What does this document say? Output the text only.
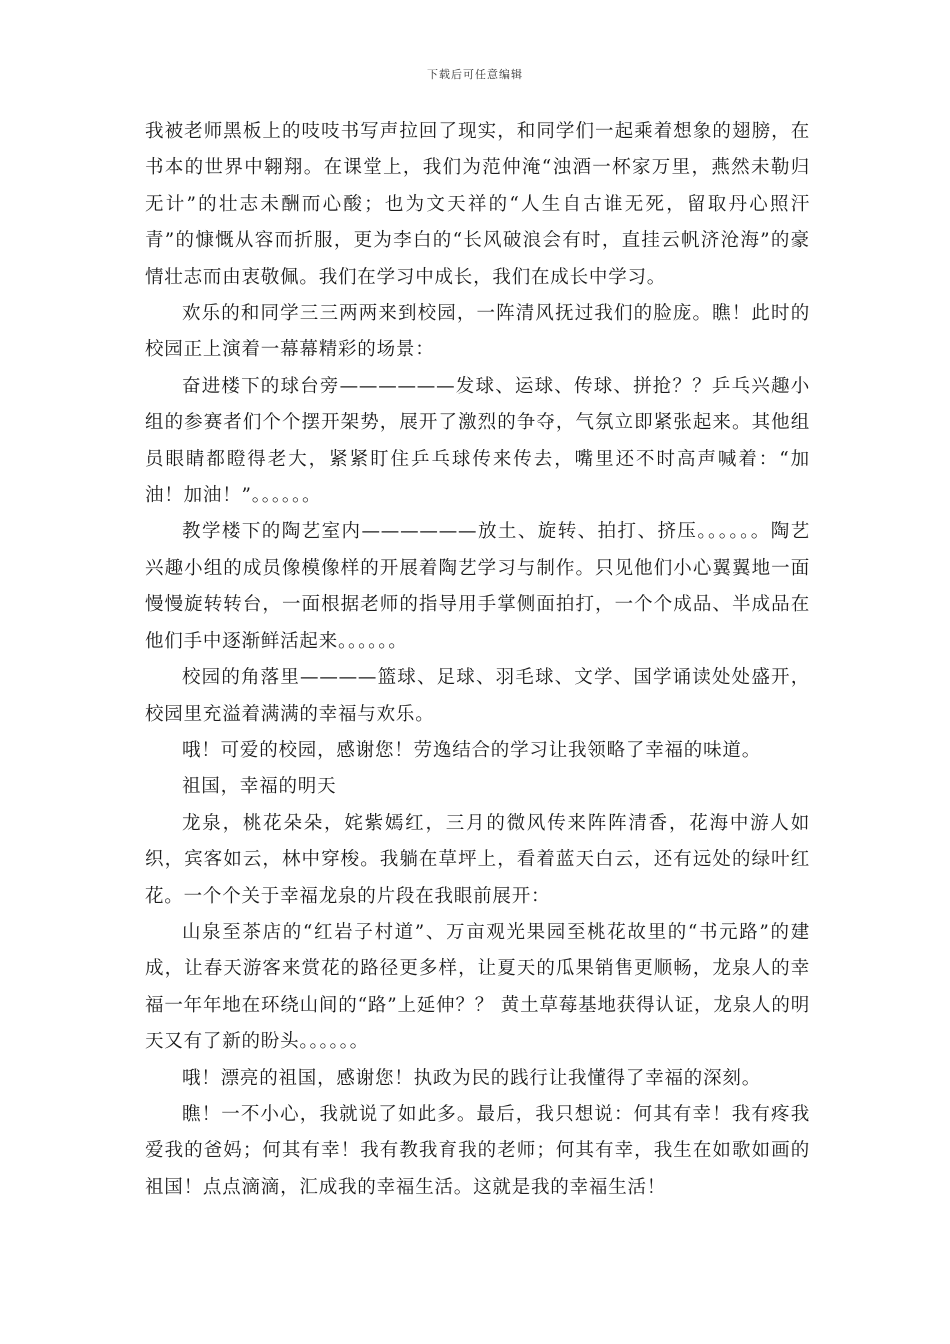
下载后可任意编辑

我被老师黑板上的吱吱书写声拉回了现实，和同学们一起乘着想象的翅膀，在书本的世界中翱翔。在课堂上，我们为范仲淹“浊酒一杯家万里，燕然未勒归无计”的壮志未酬而心酸；也为文天祥的“人生自古谁无死，留取丹心照汗青”的慷慨从容而折服，更为李白的“长风破浪会有时，直挂云帆济沧海”的豪情壮志而由衷敬佩。我们在学习中成长，我们在成长中学习。

欢乐的和同学三三两两来到校园，一阵清风抚过我们的脸庞。瞧！此时的校园正上演着一幕幕精彩的场景：

奋进楼下的球台旁——————发球、运球、传球、拼抢？？乒乓兴趣小组的参赛者们个个摆开架势，展开了激烈的争夺，气氛立即紧张起来。其他组员眼睛都瞪得老大，紧紧盯住乒乓球传来传去，嘴里还不时高声喊着：“加油！加油！”。。。。。。

教学楼下的陶艺室内——————放土、旋转、拍打、挤压。。。。。。陶艺兴趣小组的成员像模像样的开展着陶艺学习与制作。只见他们小心翼翼地一面慢慢旋转转台，一面根据老师的指导用手掌侧面拍打，一个个成品、半成品在他们手中逐渐鲜活起来。。。。。。

校园的角落里————篮球、足球、羽毛球、文学、国学诵读处处盛开，校园里充溢着满满的幸福与欢乐。

哦！可爱的校园，感谢您！劳逸结合的学习让我领略了幸福的味道。

祖国，幸福的明天

龙泉，桃花朵朵，姹紫嫣红，三月的微风传来阵阵清香，花海中游人如织，宾客如云，林中穿梭。我躺在草坪上，看着蓝天白云，还有远处的绿叶红花。一个个关于幸福龙泉的片段在我眼前展开：

山泉至茶店的“红岩子村道”、万亩观光果园至桃花故里的“书元路”的建成，让春天游客来赏花的路径更多样，让夏天的瓜果销售更顺畅，龙泉人的幸福一年年地在环绕山间的“路”上延伸？？ 黄土草莓基地获得认证，龙泉人的明天又有了新的盼头。。。。。。

哦！漂亮的祖国，感谢您！执政为民的践行让我懂得了幸福的深刻。

瞧！一不小心，我就说了如此多。最后，我只想说：何其有幸！我有疼我爱我的爸妈；何其有幸！我有教我育我的老师；何其有幸，我生在如歌如画的祖国！点点滴滴，汇成我的幸福生活。这就是我的幸福生活！
